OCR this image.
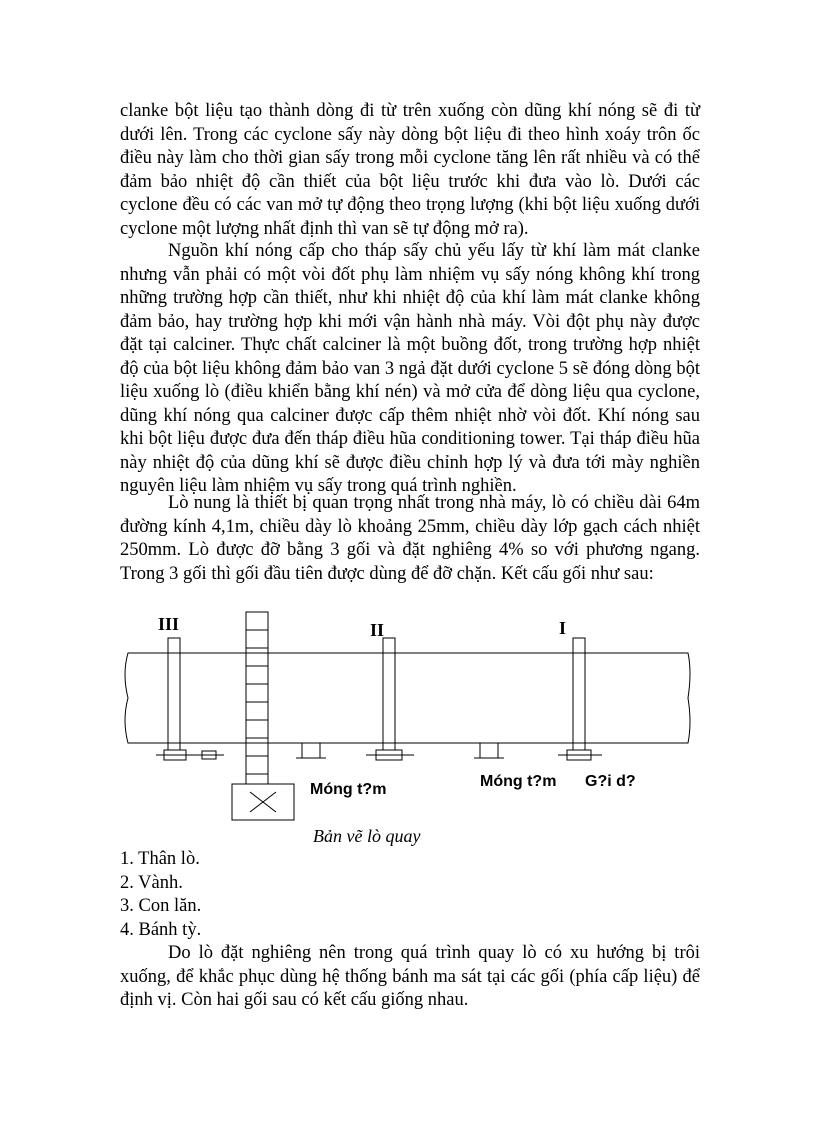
clanke bột liệu tạo thành dòng đi từ trên xuống còn dũng khí nóng sẽ đi từ dưới lên. Trong các cyclone sấy này dòng bột liệu đi theo hình xoáy trôn ốc điều này làm cho thời gian sấy trong mỗi cyclone tăng lên rất nhiều và có thể đảm bảo nhiệt độ cần thiết của bột liệu trước khi đưa vào lò. Dưới các cyclone đều có các van mở tự động theo trọng lượng (khi bột liệu xuống dưới cyclone một lượng nhất định thì van sẽ tự động mở ra).

Nguồn khí nóng cấp cho tháp sấy chủ yếu lấy từ khí làm mát clanke nhưng vẫn phải có một vòi đốt phụ làm nhiệm vụ sấy nóng không khí trong những trường hợp cần thiết, như khi nhiệt độ của khí làm mát clanke không đảm bảo, hay trường hợp khi mới vận hành nhà máy. Vòi đột phụ này được đặt tại calciner. Thực chất calciner là một buồng đốt, trong trường hợp nhiệt độ của bột liệu không đảm bảo van 3 ngả đặt dưới cyclone 5 sẽ đóng dòng bột liệu xuống lò (điều khiển bằng khí nén) và mở cửa để dòng liệu qua cyclone, dũng khí nóng qua calciner được cấp thêm nhiệt nhờ vòi đốt. Khí nóng sau khi bột liệu được đưa đến tháp điều hũa conditioning tower. Tại tháp điều hũa này nhiệt độ của dũng khí sẽ được điều chỉnh hợp lý và đưa tới mày nghiền nguyên liệu làm nhiệm vụ sấy trong quá trình nghiền.

Lò nung là thiết bị quan trọng nhất trong nhà máy, lò có chiều dài 64m đường kính 4,1m, chiều dày lò khoảng 25mm, chiều dày lớp gạch cách nhiệt 250mm. Lò được đỡ bằng 3 gối và đặt nghiêng 4% so với phương ngang. Trong 3 gối thì gối đầu tiên được dùng để đỡ chặn. Kết cấu gối như sau:

III	II	I
Móng t?m	Móng t?m G?i d?
Bản vẽ lò quay
1. Thân lò.
2. Vành.
3. Con lăn.
4. Bánh tỳ.

Do lò đặt nghiêng nên trong quá trình quay lò có xu hướng bị trôi xuống, để khắc phục dùng hệ thống bánh ma sát tại các gối (phía cấp liệu) để định vị. Còn hai gối sau có kết cấu giống nhau.
